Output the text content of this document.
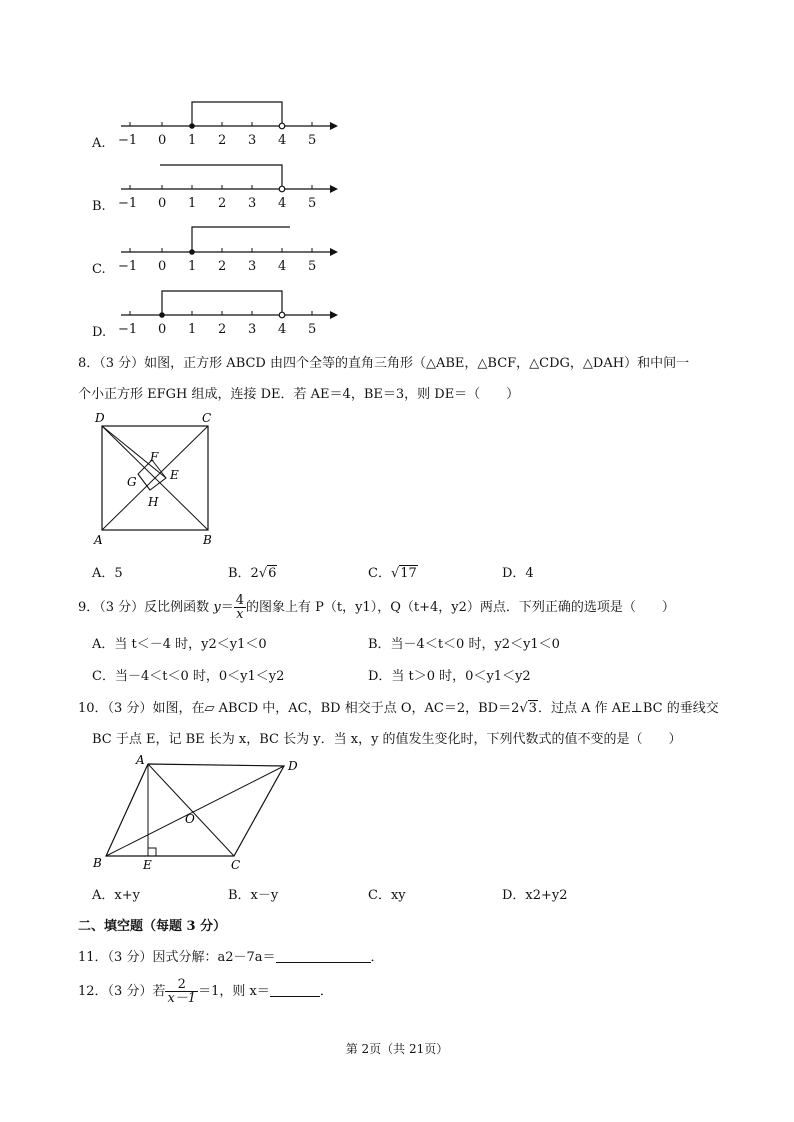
A.
B.
C.
D.
−1 0 1 2 3 4 5
−1 0 1 2 3 4 5
−1 0 1 2 3 4 5
−1 0 1 2 3 4 5
8．（3 分）如图，正方形 ABCD 由四个全等的直角三角形（△ABE，△BCF，△CDG，△DAH）和中间一
个小正方形 EFGH 组成，连接 DE．若 AE＝4，BE＝3，则 DE＝（　　）
D	C
A	B
F
E
G
H
A．5	B．2√6	C．√17	D．4
9．（3 分）反比例函数 $y= \frac{4}{x}$ 的图象上有 P（t，y1），Q（t+4，y2）两点．下列正确的选项是（　　）
A．当 t＜－4 时，y2＜y1＜0	B．当－4＜t＜0 时，y2＜y1＜0
C．当－4＜t＜0 时，0＜y1＜y2	D．当 t＞0 时，0＜y1＜y2
10．（3 分）如图，在▱ ABCD 中，AC，BD 相交于点 O，AC＝2，BD＝2√3．过点 A 作 AE⊥BC 的垂线交
BC 于点 E，记 BE 长为 x，BC 长为 y．当 x，y 的值发生变化时，下列代数式的值不变的是（　　）
A	D
O
B	E	C
A．x+y	B．x－y	C．xy	D．x2+y2
二、填空题（每题 3 分）
11．（3 分）因式分解：a2－7a＝	．
12．（3 分）若 $\frac{2}{x-1} =1$，则 x＝	．
第 2页（共 21页）
